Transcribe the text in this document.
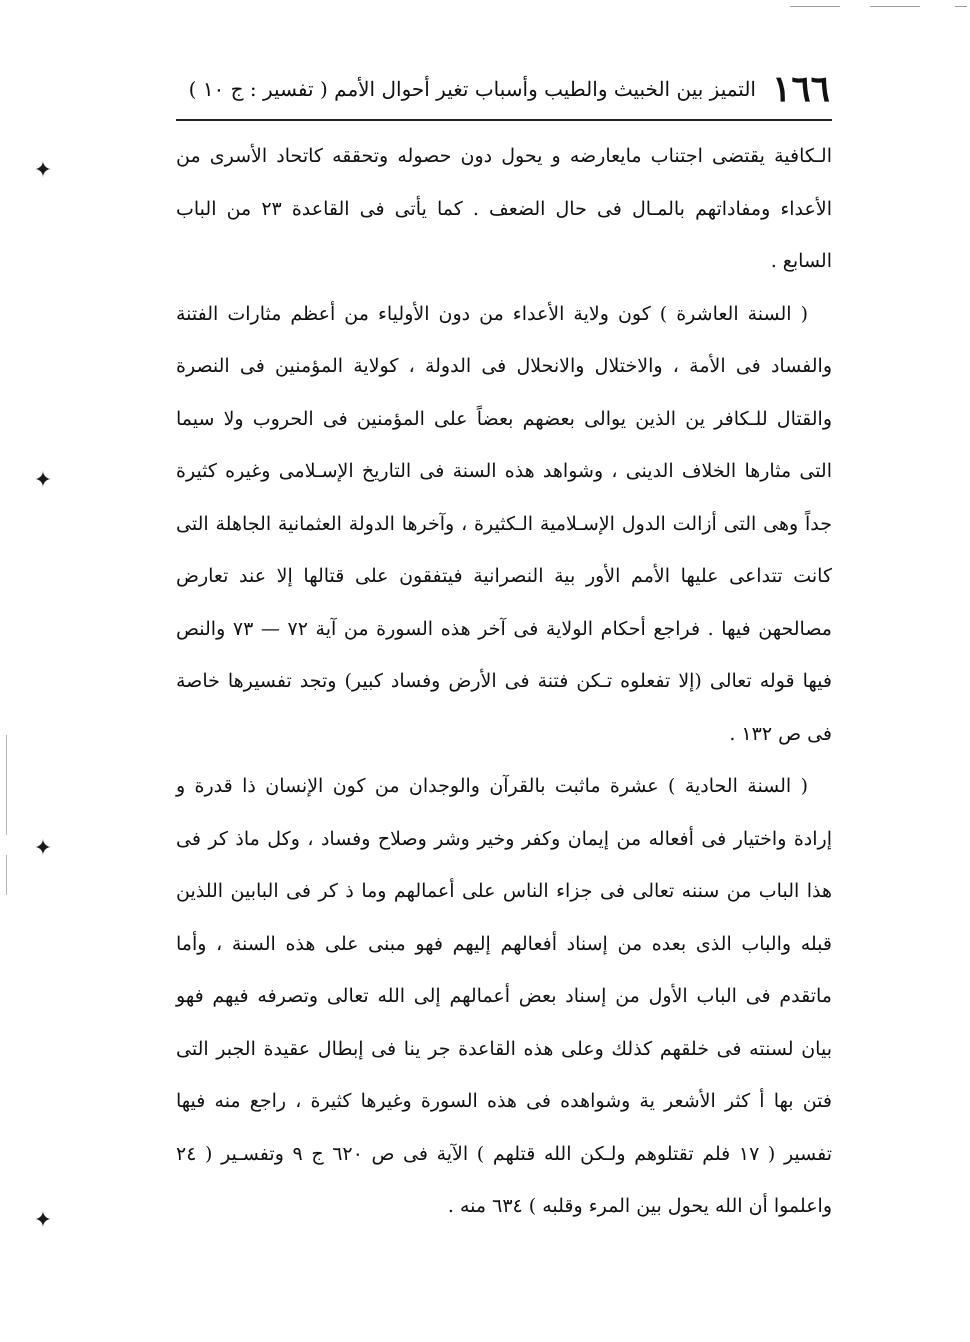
١٦٦
التميز بين الخبيث والطيب وأسباب تغير أحوال الأمم ( تفسير : ج ١٠ )

الـكافية يقتضى اجتناب مايعارضه و يحول دون حصوله وتحققه كاتحاد الأسرى من الأعداء ومفاداتهم بالمـال فى حال الضعف . كما يأتى فى القاعدة ٢٣ من الباب السابع .

( السنة العاشرة ) كون ولاية الأعداء من دون الأولياء من أعظم مثارات الفتنة والفساد فى الأمة ، والاختلال والانحلال فى الدولة ، كولاية المؤمنين فى النصرة والقتال للـكافر ين الذين يوالى بعضهم بعضاً على المؤمنين فى الحروب ولا سيما التى مثارها الخلاف الدينى ، وشواهد هذه السنة فى التاريخ الإسـلامى وغيره كثيرة جداً وهى التى أزالت الدول الإسـلامية الـكثيرة ، وآخرها الدولة العثمانية الجاهلة التى كانت تتداعى عليها الأمم الأور بية النصرانية فيتفقون على قتالها إلا عند تعارض مصالحهن فيها . فراجع أحكام الولاية فى آخر هذه السورة من آية ٧٢ — ٧٣ والنص فيها قوله تعالى (إلا تفعلوه تـكن فتنة فى الأرض وفساد كبير) وتجد تفسيرها خاصة فى ص ١٣٢ .

( السنة الحادية ) عشرة ماثبت بالقرآن والوجدان من كون الإنسان ذا قدرة و إرادة واختيار فى أفعاله من إيمان وكفر وخير وشر وصلاح وفساد ، وكل ماذ كر فى هذا الباب من سننه تعالى فى جزاء الناس على أعمالهم وما ذ كر فى البابين اللذين قبله والباب الذى بعده من إسناد أفعالهم إليهم فهو مبنى على هذه السنة ، وأما ماتقدم فى الباب الأول من إسناد بعض أعمالهم إلى الله تعالى وتصرفه فيهم فهو بيان لسنته فى خلقهم كذلك وعلى هذه القاعدة جر ينا فى إبطال عقيدة الجبر التى فتن بها أ كثر الأشعر ية وشواهده فى هذه السورة وغيرها كثيرة ، راجع منه فيها تفسير ( ١٧ فلم تقتلوهم ولـكن الله قتلهم ) الآية فى ص ٦٢٠ ج ٩ وتفسـير ( ٢٤ واعلموا أن الله يحول بين المرء وقلبه ) ٦٣٤ منه .

✦
✦
✦
✦
